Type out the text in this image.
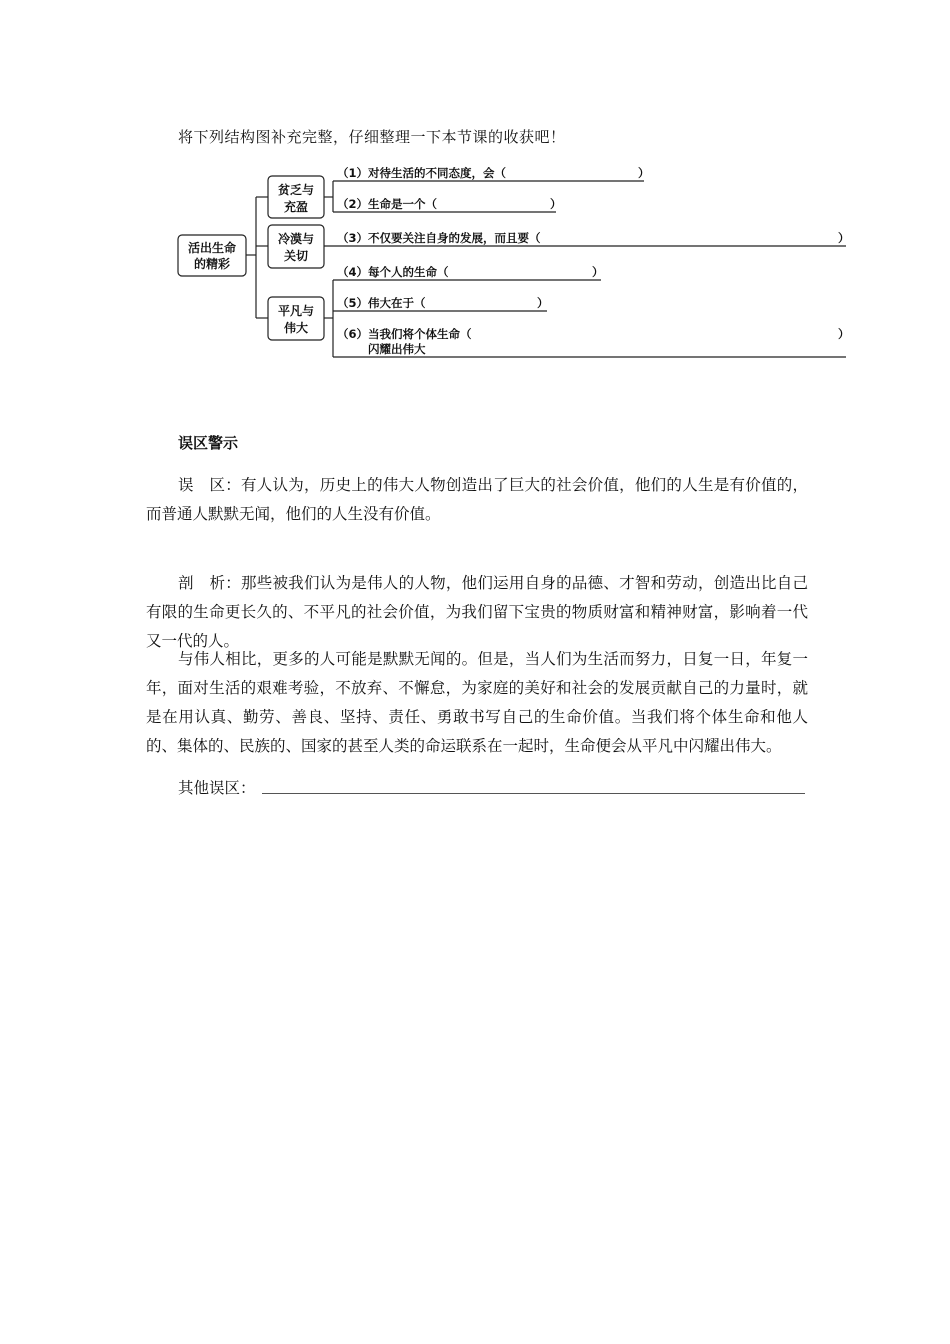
将下列结构图补充完整，仔细整理一下本节课的收获吧！
活出生命
的精彩
贫乏与
充盈
冷漠与
关切
平凡与
伟大
（1）对待生活的不同态度，会（	）
（2）生命是一个（	）
（3）不仅要关注自身的发展，而且要（	）
（4）每个人的生命（	）
（5）伟大在于（	）
（6）当我们将个体生命（	）
闪耀出伟大
误区警示

误　区：有人认为，历史上的伟大人物创造出了巨大的社会价值，他们的人生是有价值的，而普通人默默无闻，他们的人生没有价值。

剖　析：那些被我们认为是伟人的人物，他们运用自身的品德、才智和劳动，创造出比自己有限的生命更长久的、不平凡的社会价值，为我们留下宝贵的物质财富和精神财富，影响着一代又一代的人。

与伟人相比，更多的人可能是默默无闻的。但是，当人们为生活而努力，日复一日，年复一年，面对生活的艰难考验，不放弃、不懈怠，为家庭的美好和社会的发展贡献自己的力量时，就是在用认真、勤劳、善良、坚持、责任、勇敢书写自己的生命价值。当我们将个体生命和他人的、集体的、民族的、国家的甚至人类的命运联系在一起时，生命便会从平凡中闪耀出伟大。

其他误区：
